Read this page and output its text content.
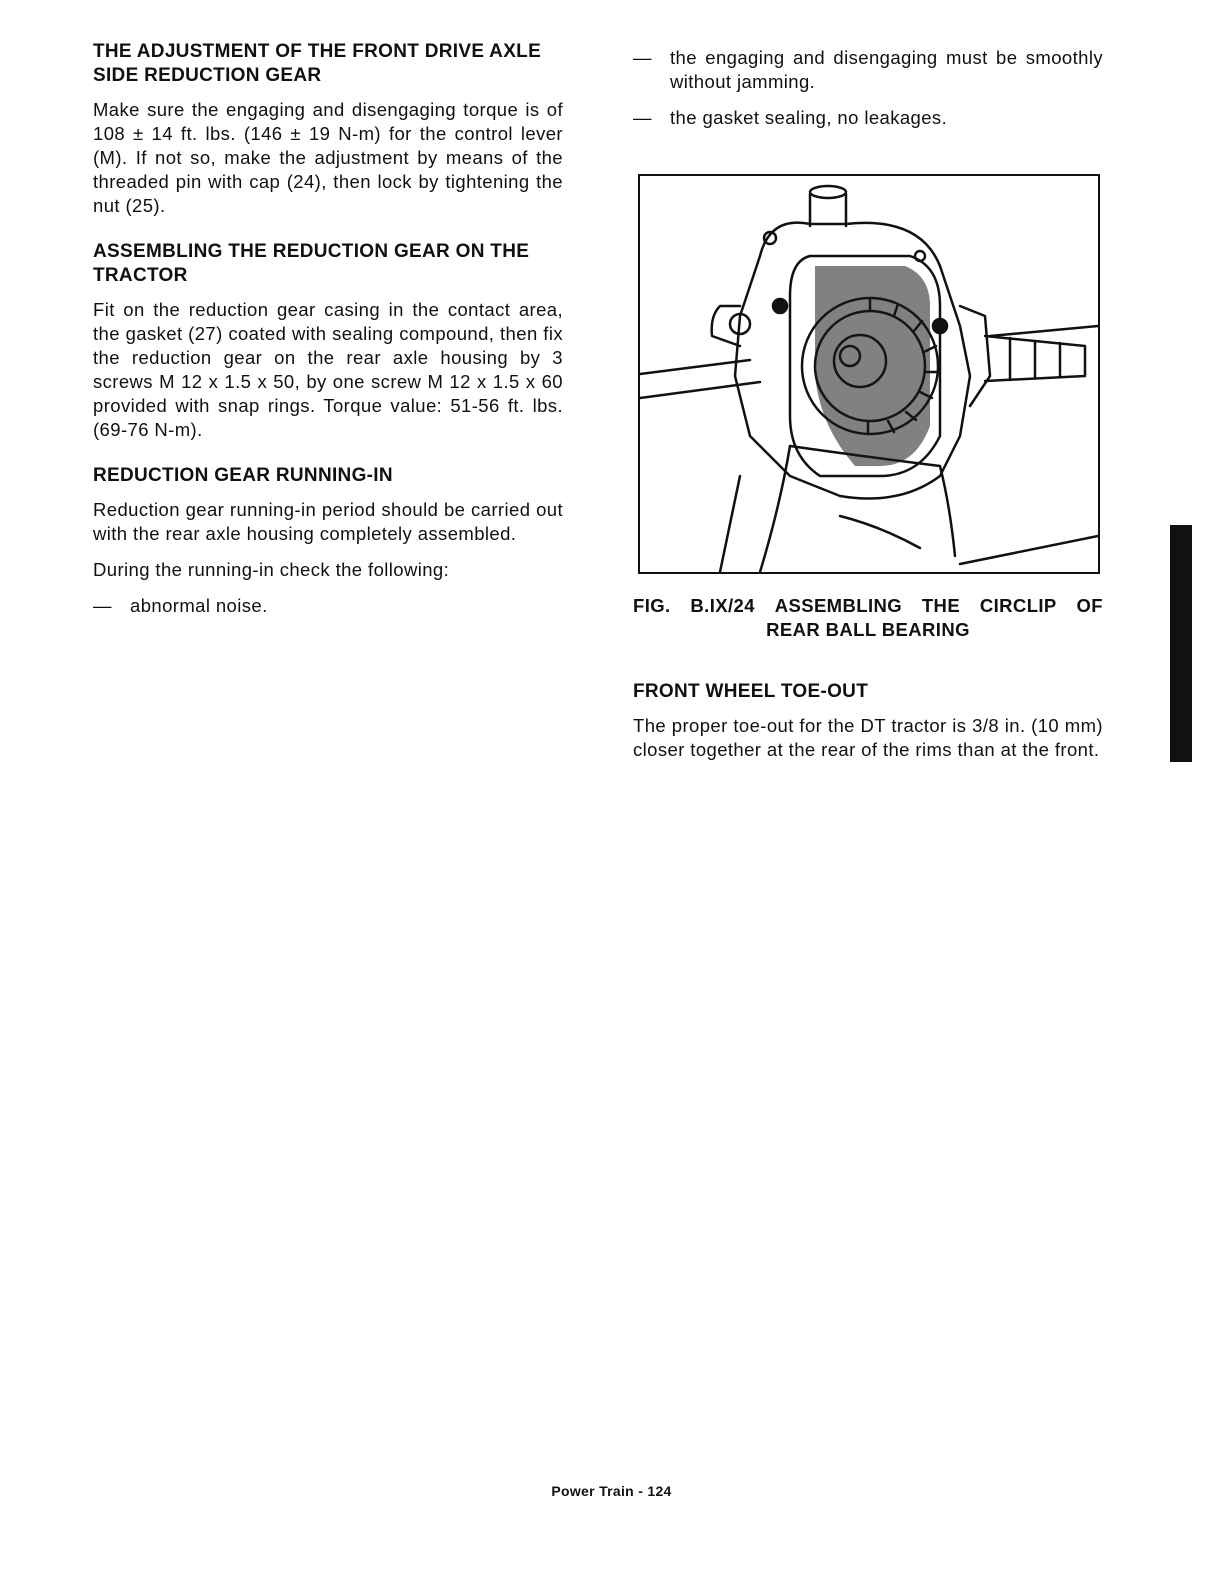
THE ADJUSTMENT OF THE FRONT DRIVE AXLE
SIDE REDUCTION GEAR

Make sure the engaging and disengaging torque is of 108 ± 14 ft. lbs. (146 ± 19 N-m) for the control lever (M). If not so, make the adjustment by means of the threaded pin with cap (24), then lock by tightening the nut (25).

ASSEMBLING THE REDUCTION GEAR ON THE TRACTOR

Fit on the reduction gear casing in the contact area, the gasket (27) coated with sealing compound, then fix the reduction gear on the rear axle housing by 3 screws M 12 x 1.5 x 50, by one screw M 12 x 1.5 x 60 provided with snap rings. Torque value: 51-56 ft. lbs. (69-76 N-m).

REDUCTION GEAR RUNNING-IN

Reduction gear running-in period should be carried out with the rear axle housing completely assembled.

During the running-in check the following:

— abnormal noise.
— the engaging and disengaging must be smoothly without jamming.
— the gasket sealing, no leakages.
FIG. B.IX/24 ASSEMBLING THE CIRCLIP OF
REAR BALL BEARING
FRONT WHEEL TOE-OUT

The proper toe-out for the DT tractor is 3/8 in. (10 mm) closer together at the rear of the rims than at the front.

Power Train - 124
